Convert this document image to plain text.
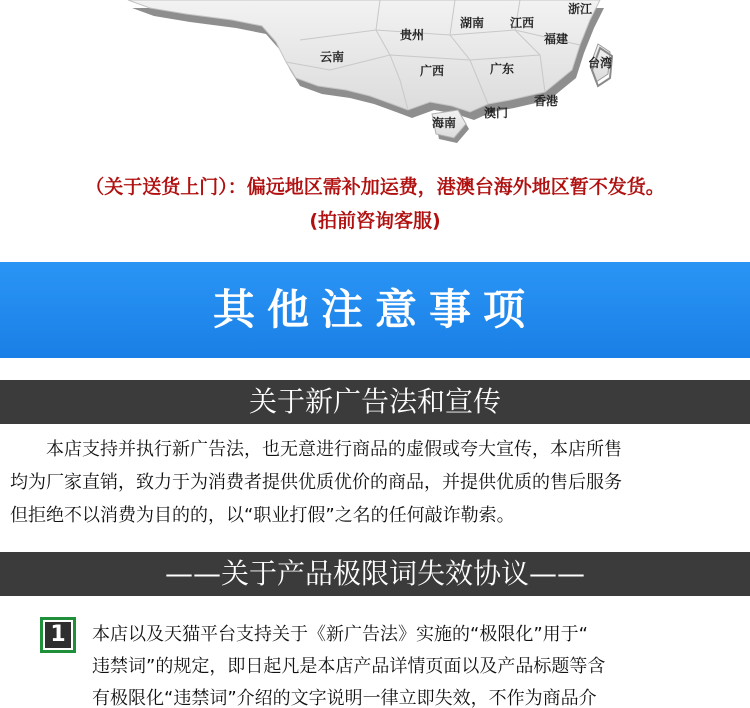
贵州
湖南 江西
浙江
福建
云南
广西	广东	台湾
香港
澳门
海南
（关于送货上门）：偏远地区需补加运费，港澳台海外地区暂不发货。
(拍前咨询客服)
其他注意事项
关于新广告法和宣传
　　本店支持并执行新广告法，也无意进行商品的虚假或夸大宣传，本店所售
均为厂家直销，致力于为消费者提供优质优价的商品，并提供优质的售后服务
但拒绝不以消费为目的的，以“职业打假”之名的任何敲诈勒索。
——关于产品极限词失效协议——
1 本店以及天猫平台支持关于《新广告法》实施的“极限化”用于“
违禁词”的规定，即日起凡是本店产品详情页面以及产品标题等含
有极限化“违禁词”介绍的文字说明一律立即失效，不作为商品介
